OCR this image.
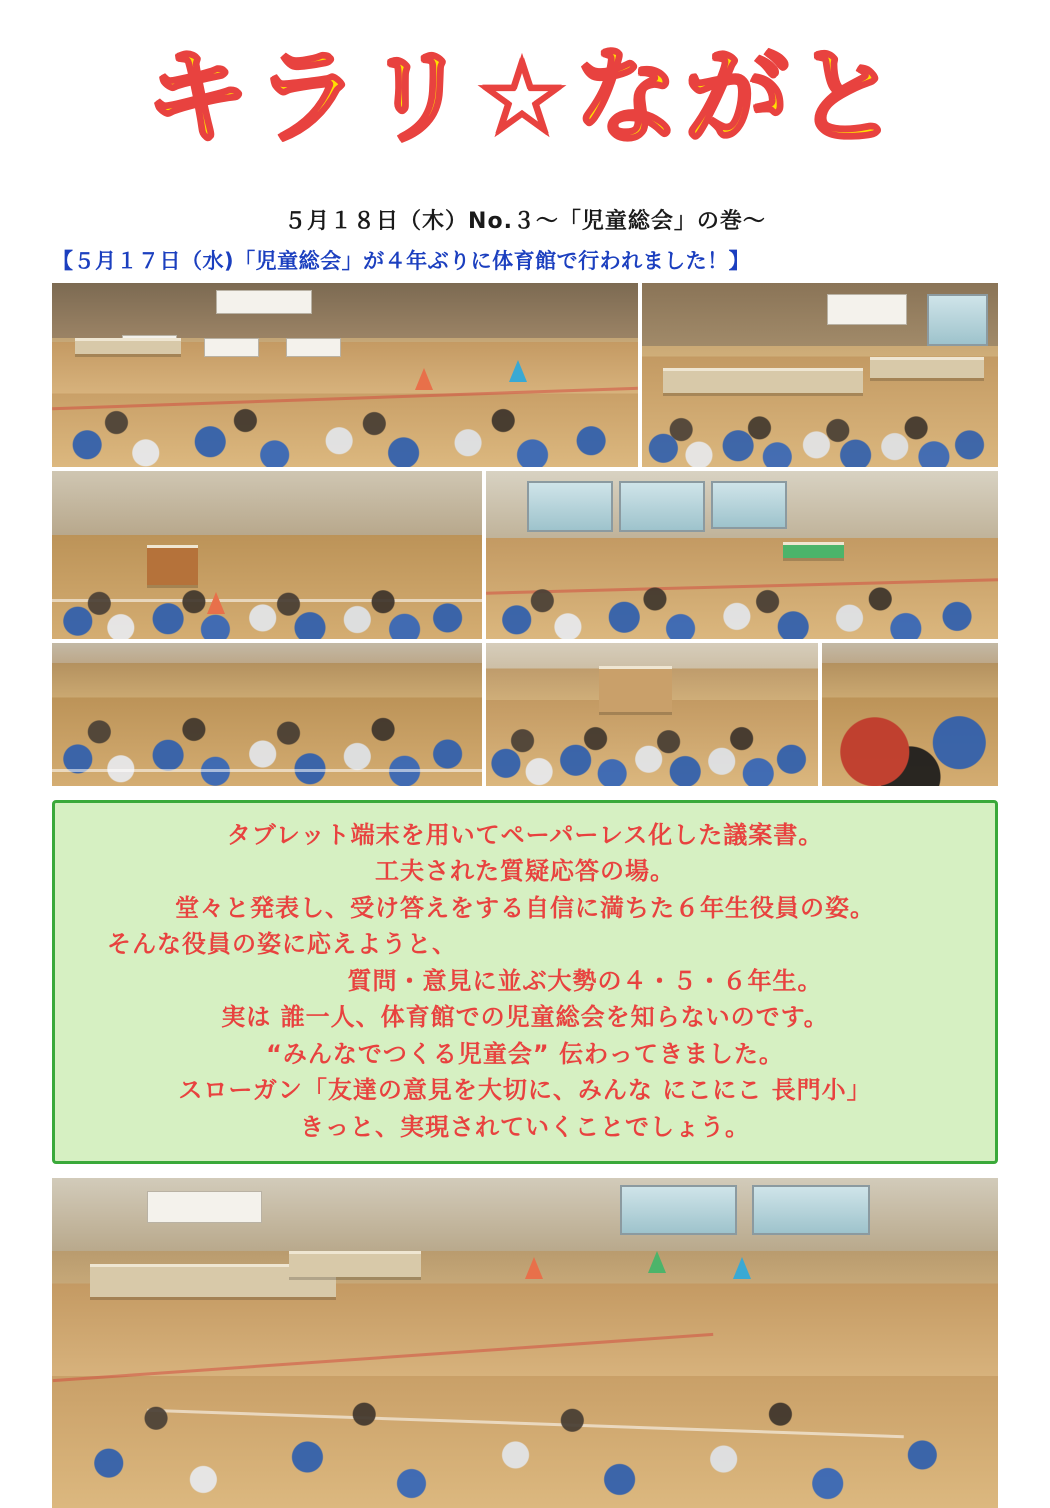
キラリ☆ながと
５月１８日（木）No.３〜「児童総会」の巻〜
【５月１７日（水)「児童総会」が４年ぶりに体育館で行われました！】
タブレット端末を用いてペーパーレス化した議案書。
工夫された質疑応答の場。
堂々と発表し、受け答えをする自信に満ちた６年生役員の姿。
そんな役員の姿に応えようと、
質問・意見に並ぶ大勢の４・５・６年生。
実は 誰一人、体育館での児童総会を知らないのです。
“みんなでつくる児童会” 伝わってきました。
スローガン「友達の意見を大切に、みんな にこにこ 長門小」
きっと、実現されていくことでしょう。
